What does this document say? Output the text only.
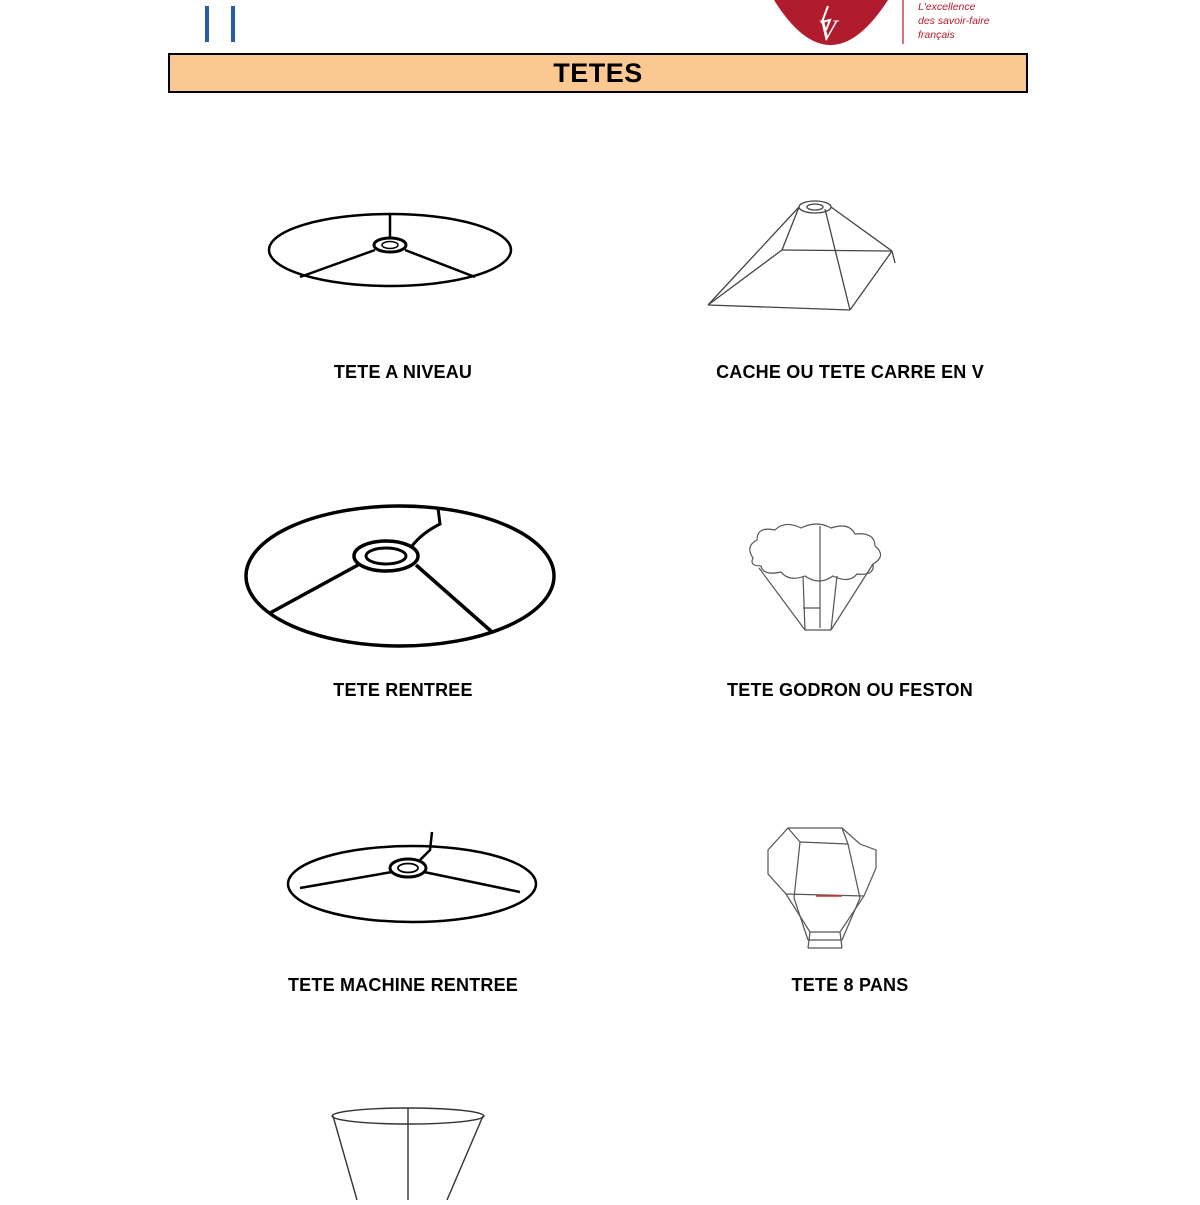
V
L'excellence
des savoir-faire
français
TETES
TETE A NIVEAU	CACHE OU TETE CARRE EN V
TETE RENTREE	TETE GODRON OU FESTON
TETE MACHINE RENTREE	TETE 8 PANS
